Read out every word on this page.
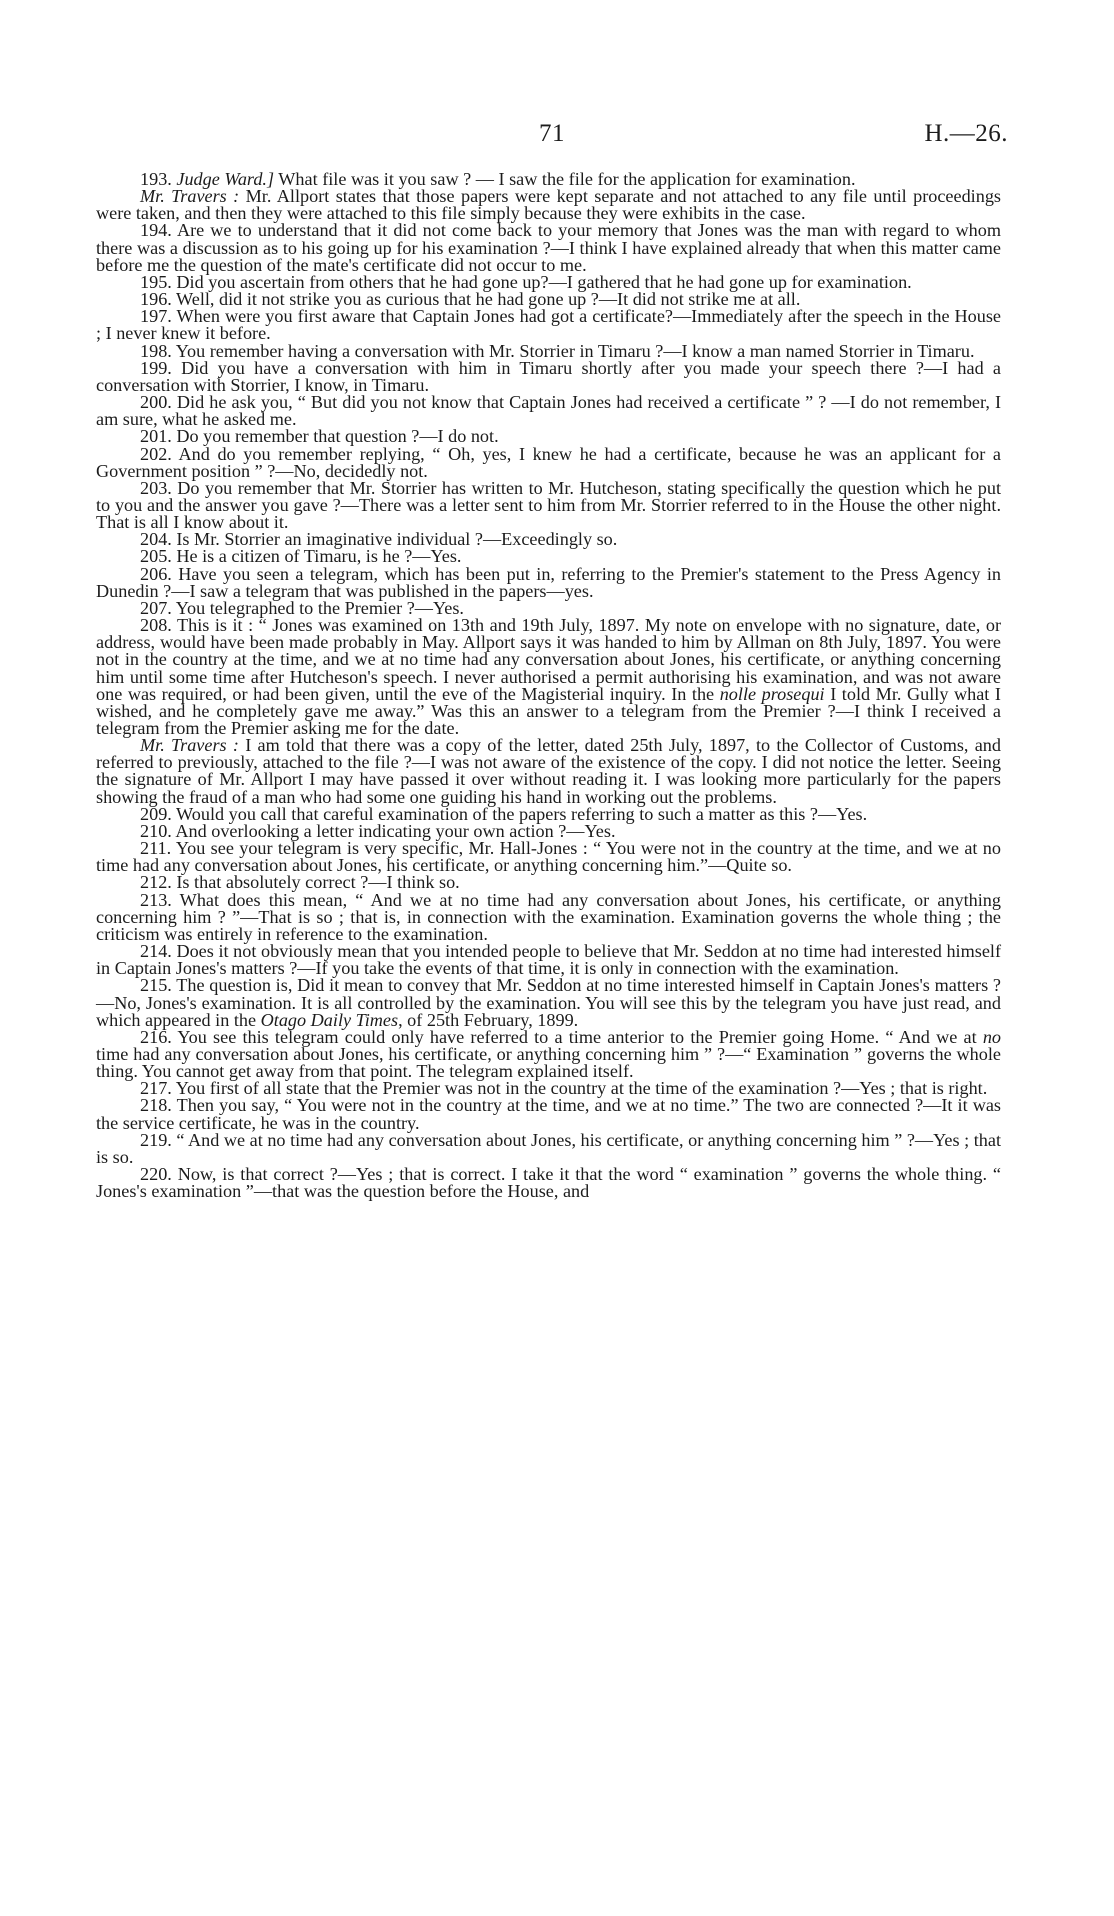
71	H.—26.

193. Judge Ward.] What file was it you saw ? — I saw the file for the application for examination.

Mr. Travers : Mr. Allport states that those papers were kept separate and not attached to any file until proceedings were taken, and then they were attached to this file simply because they were exhibits in the case.

194. Are we to understand that it did not come back to your memory that Jones was the man with regard to whom there was a discussion as to his going up for his examination ?—I think I have explained already that when this matter came before me the question of the mate's certificate did not occur to me.

195. Did you ascertain from others that he had gone up?—I gathered that he had gone up for examination.

196. Well, did it not strike you as curious that he had gone up ?—It did not strike me at all.

197. When were you first aware that Captain Jones had got a certificate?—Immediately after the speech in the House ; I never knew it before.

198. You remember having a conversation with Mr. Storrier in Timaru ?—I know a man named Storrier in Timaru.

199. Did you have a conversation with him in Timaru shortly after you made your speech there ?—I had a conversation with Storrier, I know, in Timaru.

200. Did he ask you, “ But did you not know that Captain Jones had received a certificate ” ? —I do not remember, I am sure, what he asked me.

201. Do you remember that question ?—I do not.

202. And do you remember replying, “ Oh, yes, I knew he had a certificate, because he was an applicant for a Government position ” ?—No, decidedly not.

203. Do you remember that Mr. Storrier has written to Mr. Hutcheson, stating specifically the question which he put to you and the answer you gave ?—There was a letter sent to him from Mr. Storrier referred to in the House the other night. That is all I know about it.

204. Is Mr. Storrier an imaginative individual ?—Exceedingly so.

205. He is a citizen of Timaru, is he ?—Yes.

206. Have you seen a telegram, which has been put in, referring to the Premier's statement to the Press Agency in Dunedin ?—I saw a telegram that was published in the papers—yes.

207. You telegraphed to the Premier ?—Yes.

208. This is it : “ Jones was examined on 13th and 19th July, 1897. My note on envelope with no signature, date, or address, would have been made probably in May. Allport says it was handed to him by Allman on 8th July, 1897. You were not in the country at the time, and we at no time had any conversation about Jones, his certificate, or anything concerning him until some time after Hutcheson's speech. I never authorised a permit authorising his examination, and was not aware one was required, or had been given, until the eve of the Magisterial inquiry. In the nolle prosequi I told Mr. Gully what I wished, and he completely gave me away.” Was this an answer to a telegram from the Premier ?—I think I received a telegram from the Premier asking me for the date.

Mr. Travers : I am told that there was a copy of the letter, dated 25th July, 1897, to the Collector of Customs, and referred to previously, attached to the file ?—I was not aware of the existence of the copy. I did not notice the letter. Seeing the signature of Mr. Allport I may have passed it over without reading it. I was looking more particularly for the papers showing the fraud of a man who had some one guiding his hand in working out the problems.

209. Would you call that careful examination of the papers referring to such a matter as this ?—Yes.

210. And overlooking a letter indicating your own action ?—Yes.

211. You see your telegram is very specific, Mr. Hall-Jones : “ You were not in the country at the time, and we at no time had any conversation about Jones, his certificate, or anything concerning him.”—Quite so.

212. Is that absolutely correct ?—I think so.

213. What does this mean, “ And we at no time had any conversation about Jones, his certificate, or anything concerning him ? ”—That is so ; that is, in connection with the examination. Examination governs the whole thing ; the criticism was entirely in reference to the examination.

214. Does it not obviously mean that you intended people to believe that Mr. Seddon at no time had interested himself in Captain Jones's matters ?—If you take the events of that time, it is only in connection with the examination.

215. The question is, Did it mean to convey that Mr. Seddon at no time interested himself in Captain Jones's matters ?—No, Jones's examination. It is all controlled by the examination. You will see this by the telegram you have just read, and which appeared in the Otago Daily Times, of 25th February, 1899.

216. You see this telegram could only have referred to a time anterior to the Premier going Home. “ And we at no time had any conversation about Jones, his certificate, or anything concerning him ” ?—“ Examination ” governs the whole thing. You cannot get away from that point. The telegram explained itself.

217. You first of all state that the Premier was not in the country at the time of the examination ?—Yes ; that is right.

218. Then you say, “ You were not in the country at the time, and we at no time.” The two are connected ?—It it was the service certificate, he was in the country.

219. “ And we at no time had any conversation about Jones, his certificate, or anything concerning him ” ?—Yes ; that is so.

220. Now, is that correct ?—Yes ; that is correct. I take it that the word “ examination ” governs the whole thing. “ Jones's examination ”—that was the question before the House, and
